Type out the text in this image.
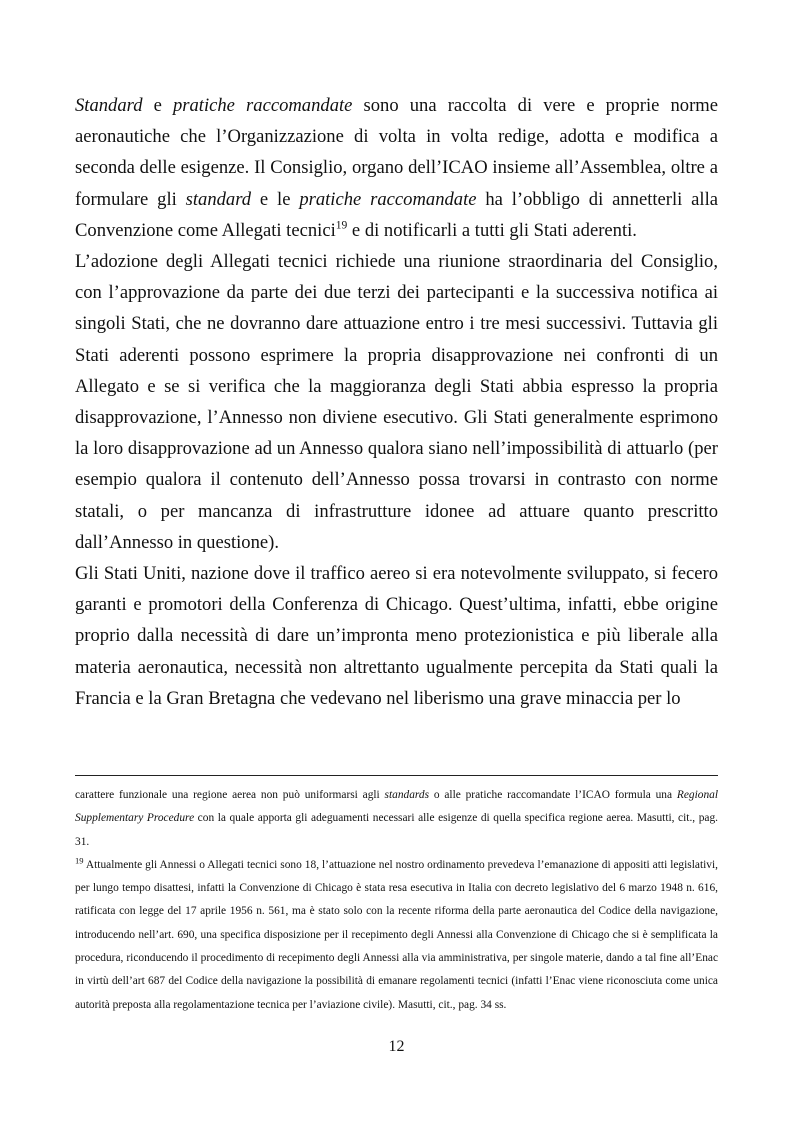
Standard e pratiche raccomandate sono una raccolta di vere e proprie norme aeronautiche che l’Organizzazione di volta in volta redige, adotta e modifica a seconda delle esigenze. Il Consiglio, organo dell’ICAO insieme all’Assemblea, oltre a formulare gli standard e le pratiche raccomandate ha l’obbligo di annetterli alla Convenzione come Allegati tecnici$^{19}$ e di notificarli a tutti gli Stati aderenti.

L’adozione degli Allegati tecnici richiede una riunione straordinaria del Consiglio, con l’approvazione da parte dei due terzi dei partecipanti e la successiva notifica ai singoli Stati, che ne dovranno dare attuazione entro i tre mesi successivi. Tuttavia gli Stati aderenti possono esprimere la propria disapprovazione nei confronti di un Allegato e se si verifica che la maggioranza degli Stati abbia espresso la propria disapprovazione, l’Annesso non diviene esecutivo. Gli Stati generalmente esprimono la loro disapprovazione ad un Annesso qualora siano nell’impossibilità di attuarlo (per esempio qualora il contenuto dell’Annesso possa trovarsi in contrasto con norme statali, o per mancanza di infrastrutture idonee ad attuare quanto prescritto dall’Annesso in questione).

Gli Stati Uniti, nazione dove il traffico aereo si era notevolmente sviluppato, si fecero garanti e promotori della Conferenza di Chicago. Quest’ultima, infatti, ebbe origine proprio dalla necessità di dare un’impronta meno protezionistica e più liberale alla materia aeronautica, necessità non altrettanto ugualmente percepita da Stati quali la Francia e la Gran Bretagna che vedevano nel liberismo una grave minaccia per lo

carattere funzionale una regione aerea non può uniformarsi agli standards o alle pratiche raccomandate l’ICAO formula una Regional Supplementary Procedure con la quale apporta gli adeguamenti necessari alle esigenze di quella specifica regione aerea. Masutti, cit., pag. 31.

$^{19}$ Attualmente gli Annessi o Allegati tecnici sono 18, l’attuazione nel nostro ordinamento prevedeva l’emanazione di appositi atti legislativi, per lungo tempo disattesi, infatti la Convenzione di Chicago è stata resa esecutiva in Italia con decreto legislativo del 6 marzo 1948 n. 616, ratificata con legge del 17 aprile 1956 n. 561, ma è stato solo con la recente riforma della parte aeronautica del Codice della navigazione, introducendo nell’art. 690, una specifica disposizione per il recepimento degli Annessi alla Convenzione di Chicago che si è semplificata la procedura, riconducendo il procedimento di recepimento degli Annessi alla via amministrativa, per singole materie, dando a tal fine all’Enac in virtù dell’art 687 del Codice della navigazione la possibilità di emanare regolamenti tecnici (infatti l’Enac viene riconosciuta come unica autorità preposta alla regolamentazione tecnica per l’aviazione civile). Masutti, cit., pag. 34 ss.

12
